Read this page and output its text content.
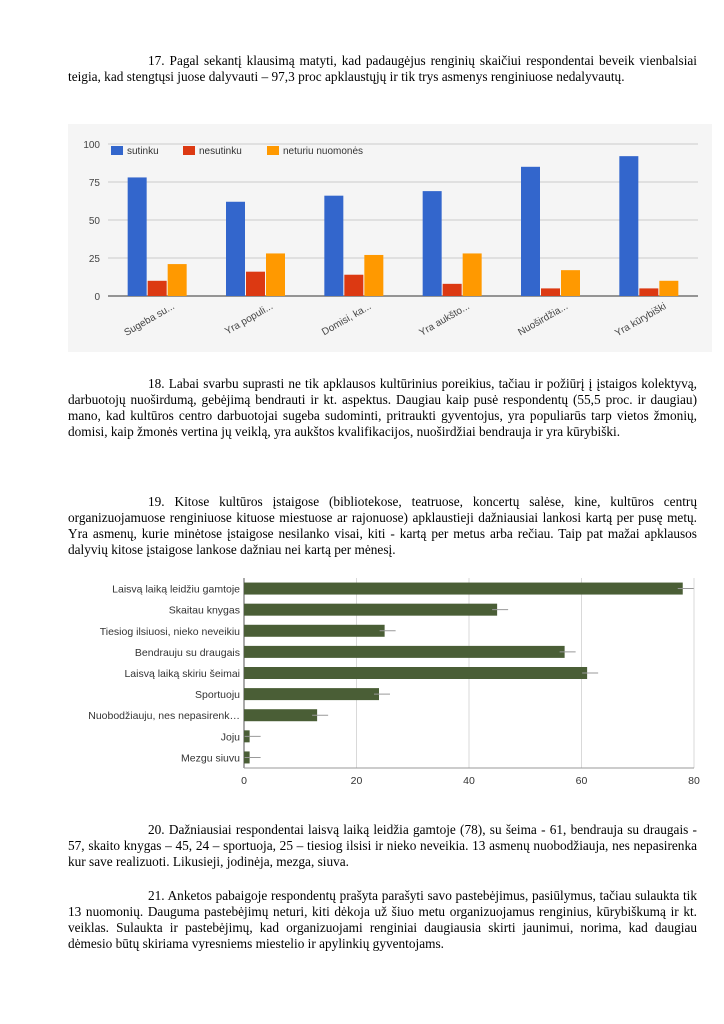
17. Pagal sekantį klausimą matyti, kad padaugėjus renginių skaičiui respondentai beveik vienbalsiai teigia, kad stengtųsi juose dalyvauti – 97,3 proc apklaustųjų ir tik trys asmenys renginiuose nedalyvautų.

0
25
50
75
100
sutinku	nesutinku	neturiu nuomonės
Sugeba su...	Yra populi...	Domisi, ka...	Yra aukšto...	Nuoširdžia...	Yra kūrybiški

18. Labai svarbu suprasti ne tik apklausos kultūrinius poreikius, tačiau ir požiūrį į įstaigos kolektyvą, darbuotojų nuoširdumą, gebėjimą bendrauti ir kt. aspektus. Daugiau kaip pusė respondentų (55,5 proc. ir daugiau) mano, kad kultūros centro darbuotojai sugeba sudominti, pritraukti gyventojus, yra populiarūs tarp vietos žmonių, domisi, kaip žmonės vertina jų veiklą, yra aukštos kvalifikacijos, nuoširdžiai bendrauja ir yra kūrybiški.

19. Kitose kultūros įstaigose (bibliotekose, teatruose, koncertų salėse, kine, kultūros centrų organizuojamuose renginiuose kituose miestuose ar rajonuose) apklaustieji dažniausiai lankosi kartą per pusę metų. Yra asmenų, kurie minėtose įstaigose nesilanko visai, kiti - kartą per metus arba rečiau. Taip pat mažai apklausos dalyvių kitose įstaigose lankose dažniau nei kartą per mėnesį.

0	20	40	60	80
Laisvą laiką leidžiu gamtoje
Skaitau knygas
Tiesiog ilsiuosi, nieko neveikiu
Bendrauju su draugais
Laisvą laiką skiriu šeimai
Sportuoju
Nuobodžiauju, nes nepasirenk…
Joju
Mezgu siuvu

20. Dažniausiai respondentai laisvą laiką leidžia gamtoje (78), su šeima - 61, bendrauja su draugais - 57, skaito knygas – 45, 24 – sportuoja, 25 – tiesiog ilsisi ir nieko neveikia. 13 asmenų nuobodžiauja, nes nepasirenka kur save realizuoti. Likusieji, jodinėja, mezga, siuva.

21. Anketos pabaigoje respondentų prašyta parašyti savo pastebėjimus, pasiūlymus, tačiau sulaukta tik 13 nuomonių. Dauguma pastebėjimų neturi, kiti dėkoja už šiuo metu organizuojamus renginius, kūrybiškumą ir kt. veiklas. Sulaukta ir pastebėjimų, kad organizuojami renginiai daugiausia skirti jaunimui, norima, kad daugiau dėmesio būtų skiriama vyresniems miestelio ir apylinkių gyventojams.
